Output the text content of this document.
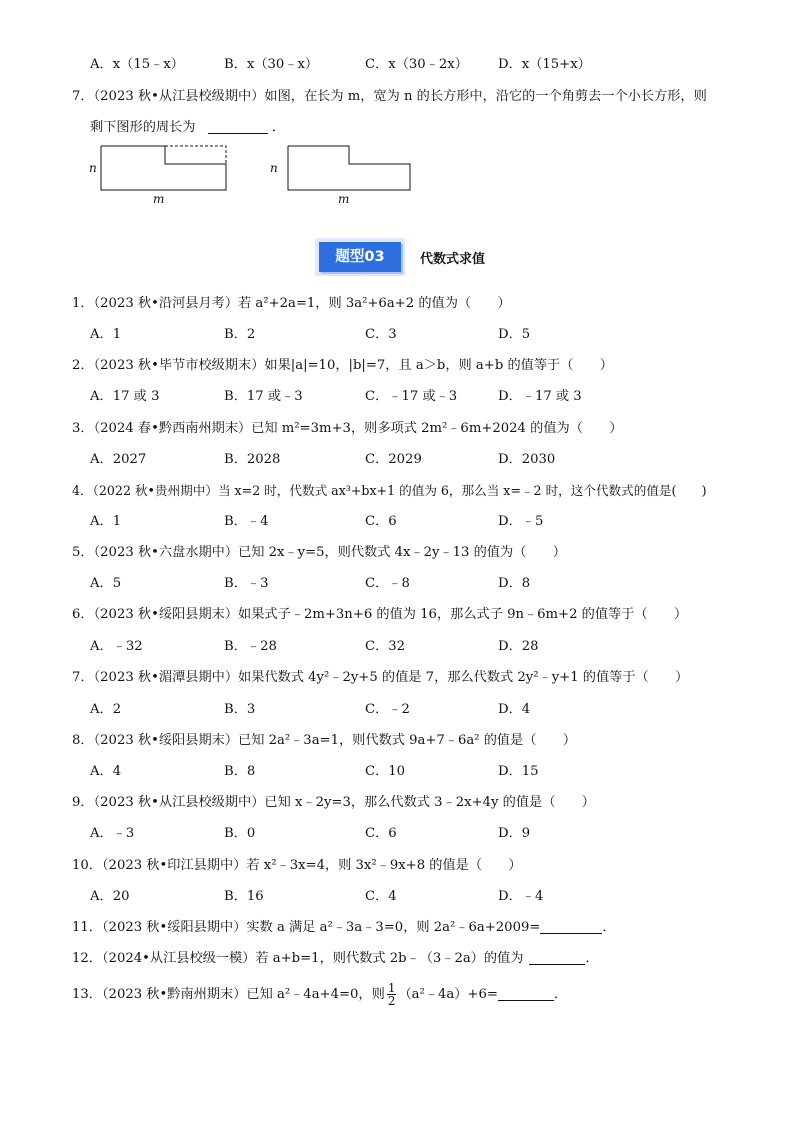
A．x（15﹣x）	B．x（30﹣x）	C．x（30﹣2x） D．x（15+x）
7．（2023 秋•从江县校级期中）如图，在长为 m，宽为 n 的长方形中，沿它的一个角剪去一个小长方形，则
剩下图形的周长为	．
n
m
n
m
题型03	代数式求值
1．（2023 秋•沿河县月考）若 a²+2a=1，则 3a²+6a+2 的值为（　　）
A．1	B．2	C．3	D．5
2．（2023 秋•毕节市校级期末）如果|a|=10，|b|=7，且 a＞b，则 a+b 的值等于（　　）
A．17 或 3	B．17 或﹣3	C．﹣17 或﹣3	D．﹣17 或 3
3．（2024 春•黔西南州期末）已知 m²=3m+3，则多项式 2m²﹣6m+2024 的值为（　　）
A．2027	B．2028	C．2029	D．2030
4．（2022 秋•贵州期中）当 x=2 时，代数式 ax³+bx+1 的值为 6，那么当 x=﹣2 时，这个代数式的值是(　　)
A．1	B．﹣4	C．6	D．﹣5
5．（2023 秋•六盘水期中）已知 2x﹣y=5，则代数式 4x﹣2y﹣13 的值为（　　）
A．5	B．﹣3	C．﹣8	D．8
6．（2023 秋•绥阳县期末）如果式子﹣2m+3n+6 的值为 16，那么式子 9n﹣6m+2 的值等于（　　）
A．﹣32	B．﹣28	C．32	D．28
7．（2023 秋•湄潭县期中）如果代数式 4y²﹣2y+5 的值是 7，那么代数式 2y²﹣y+1 的值等于（　　）
A．2	B．3	C．﹣2	D．4
8．（2023 秋•绥阳县期末）已知 2a²﹣3a=1，则代数式 9a+7﹣6a² 的值是（　　）
A．4	B．8	C．10	D．15
9．（2023 秋•从江县校级期中）已知 x﹣2y=3，那么代数式 3﹣2x+4y 的值是（　　）
A．﹣3	B．0	C．6	D．9
10．（2023 秋•印江县期中）若 x²﹣3x=4，则 3x²﹣9x+8 的值是（　　）
A．20	B．16	C．4	D．﹣4
11．（2023 秋•绥阳县期中）实数 a 满足 a²﹣3a﹣3=0，则 2a²﹣6a+2009=	．
12．（2024•从江县校级一模）若 a+b=1，则代数式 2b﹣（3﹣2a）的值为	．
13．（2023 秋•黔南州期末）已知 a²﹣4a+4=0，则 $\frac{1}{2}$ （a²﹣4a）+6=	．
